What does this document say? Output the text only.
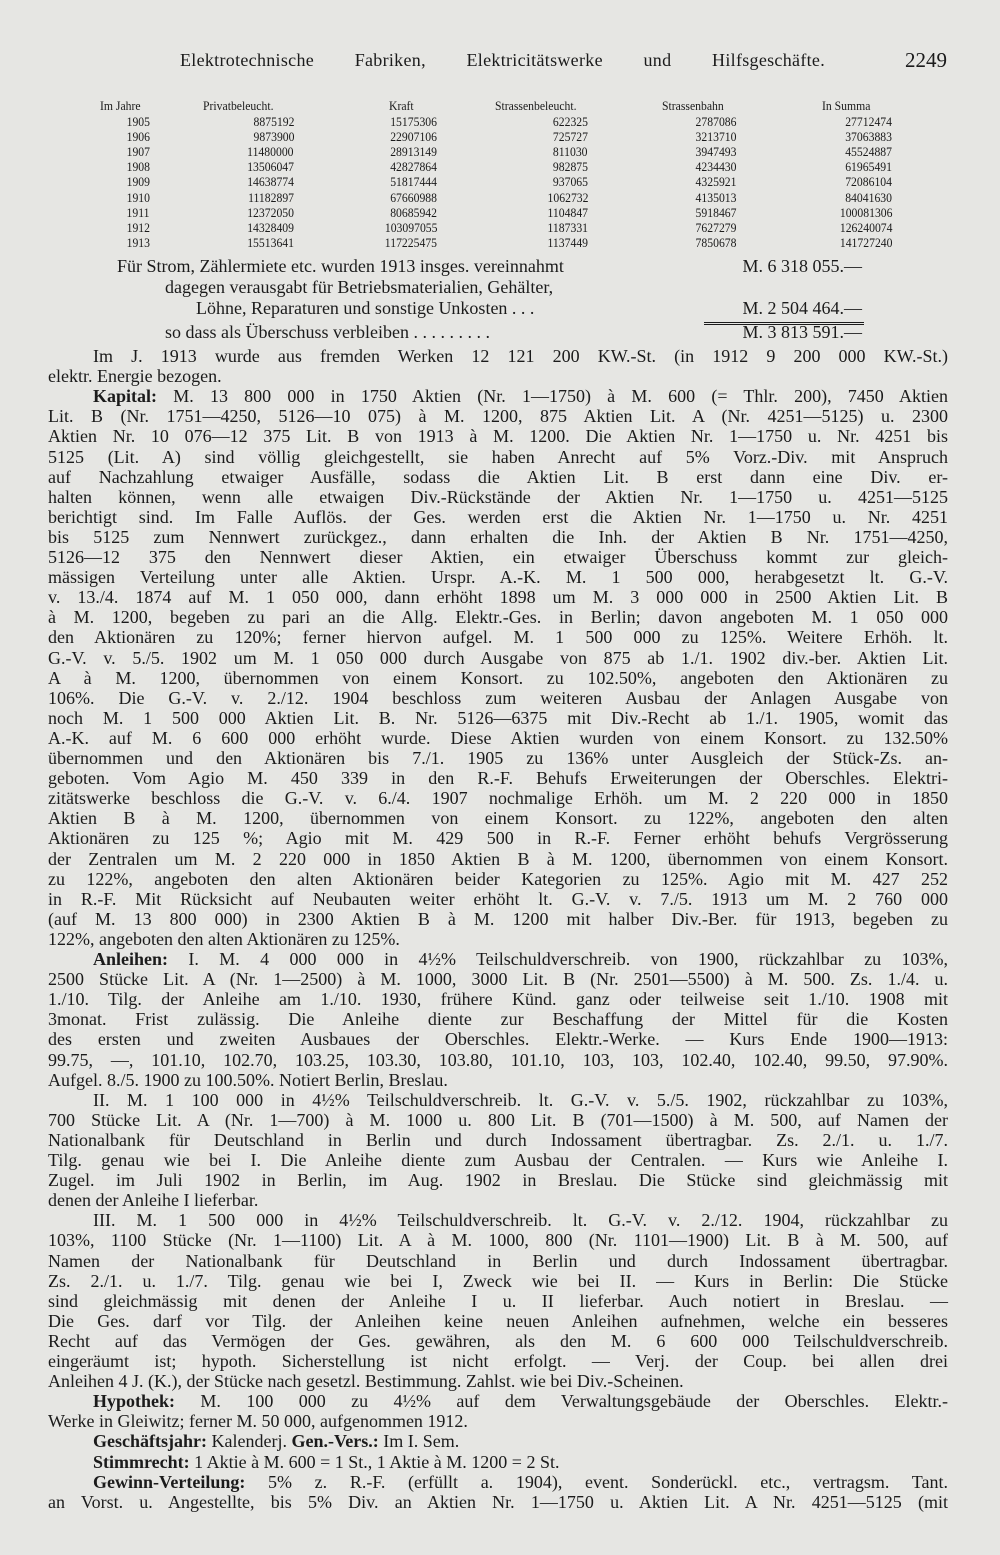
Elektrotechnische Fabriken, Elektricitätswerke und Hilfsgeschäfte.	2249
Im Jahre	Privatbeleucht.	Kraft	Strassenbeleucht.	Strassenbahn	In Summa
1905	8875192	15175306	622325	2787086	27712474
1906	9873900	22907106	725727	3213710	37063883
1907	11480000	28913149	811030	3947493	45524887
1908	13506047	42827864	982875	4234430	61965491
1909	14638774	51817444	937065	4325921	72086104
1910	11182897	67660988	1062732	4135013	84041630
1911	12372050	80685942	1104847	5918467	100081306
1912	14328409	103097055	1187331	7627279	126240074
1913	15513641	117225475	1137449	7850678	141727240
Für Strom, Zählermiete etc. wurden 1913 insges. vereinnahmt	M. 6 318 055.—
dagegen verausgabt für Betriebsmaterialien, Gehälter,
Löhne, Reparaturen und sonstige Unkosten . . .	M. 2 504 464.—
so dass als Überschuss verbleiben . . . . . . . . .	M. 3 813 591.—
Im J. 1913 wurde aus fremden Werken 12 121 200 KW.-St. (in 1912 9 200 000 KW.-St.)
elektr. Energie bezogen.
Kapital: M. 13 800 000 in 1750 Aktien (Nr. 1—1750) à M. 600 (= Thlr. 200), 7450 Aktien
Lit. B (Nr. 1751—4250, 5126—10 075) à M. 1200, 875 Aktien Lit. A (Nr. 4251—5125) u. 2300
Aktien Nr. 10 076—12 375 Lit. B von 1913 à M. 1200. Die Aktien Nr. 1—1750 u. Nr. 4251 bis
5125 (Lit. A) sind völlig gleichgestellt, sie haben Anrecht auf 5% Vorz.-Div. mit Anspruch
auf Nachzahlung etwaiger Ausfälle, sodass die Aktien Lit. B erst dann eine Div. er-
halten können, wenn alle etwaigen Div.-Rückstände der Aktien Nr. 1—1750 u. 4251—5125
berichtigt sind. Im Falle Auflös. der Ges. werden erst die Aktien Nr. 1—1750 u. Nr. 4251
bis 5125 zum Nennwert zurückgez., dann erhalten die Inh. der Aktien B Nr. 1751—4250,
5126—12 375 den Nennwert dieser Aktien, ein etwaiger Überschuss kommt zur gleich-
mässigen Verteilung unter alle Aktien. Urspr. A.-K. M. 1 500 000, herabgesetzt lt. G.-V.
v. 13./4. 1874 auf M. 1 050 000, dann erhöht 1898 um M. 3 000 000 in 2500 Aktien Lit. B
à M. 1200, begeben zu pari an die Allg. Elektr.-Ges. in Berlin; davon angeboten M. 1 050 000
den Aktionären zu 120%; ferner hiervon aufgel. M. 1 500 000 zu 125%. Weitere Erhöh. lt.
G.-V. v. 5./5. 1902 um M. 1 050 000 durch Ausgabe von 875 ab 1./1. 1902 div.-ber. Aktien Lit.
A à M. 1200, übernommen von einem Konsort. zu 102.50%, angeboten den Aktionären zu
106%. Die G.-V. v. 2./12. 1904 beschloss zum weiteren Ausbau der Anlagen Ausgabe von
noch M. 1 500 000 Aktien Lit. B. Nr. 5126—6375 mit Div.-Recht ab 1./1. 1905, womit das
A.-K. auf M. 6 600 000 erhöht wurde. Diese Aktien wurden von einem Konsort. zu 132.50%
übernommen und den Aktionären bis 7./1. 1905 zu 136% unter Ausgleich der Stück-Zs. an-
geboten. Vom Agio M. 450 339 in den R.-F. Behufs Erweiterungen der Oberschles. Elektri-
zitätswerke beschloss die G.-V. v. 6./4. 1907 nochmalige Erhöh. um M. 2 220 000 in 1850
Aktien B à M. 1200, übernommen von einem Konsort. zu 122%, angeboten den alten
Aktionären zu 125 %; Agio mit M. 429 500 in R.-F. Ferner erhöht behufs Vergrösserung
der Zentralen um M. 2 220 000 in 1850 Aktien B à M. 1200, übernommen von einem Konsort.
zu 122%, angeboten den alten Aktionären beider Kategorien zu 125%. Agio mit M. 427 252
in R.-F. Mit Rücksicht auf Neubauten weiter erhöht lt. G.-V. v. 7./5. 1913 um M. 2 760 000
(auf M. 13 800 000) in 2300 Aktien B à M. 1200 mit halber Div.-Ber. für 1913, begeben zu
122%, angeboten den alten Aktionären zu 125%.
Anleihen: I. M. 4 000 000 in 4½% Teilschuldverschreib. von 1900, rückzahlbar zu 103%,
2500 Stücke Lit. A (Nr. 1—2500) à M. 1000, 3000 Lit. B (Nr. 2501—5500) à M. 500. Zs. 1./4. u.
1./10. Tilg. der Anleihe am 1./10. 1930, frühere Künd. ganz oder teilweise seit 1./10. 1908 mit
3monat. Frist zulässig. Die Anleihe diente zur Beschaffung der Mittel für die Kosten
des ersten und zweiten Ausbaues der Oberschles. Elektr.-Werke. — Kurs Ende 1900—1913:
99.75, —, 101.10, 102.70, 103.25, 103.30, 103.80, 101.10, 103, 103, 102.40, 102.40, 99.50, 97.90%.
Aufgel. 8./5. 1900 zu 100.50%. Notiert Berlin, Breslau.
II. M. 1 100 000 in 4½% Teilschuldverschreib. lt. G.-V. v. 5./5. 1902, rückzahlbar zu 103%,
700 Stücke Lit. A (Nr. 1—700) à M. 1000 u. 800 Lit. B (701—1500) à M. 500, auf Namen der
Nationalbank für Deutschland in Berlin und durch Indossament übertragbar. Zs. 2./1. u. 1./7.
Tilg. genau wie bei I. Die Anleihe diente zum Ausbau der Centralen. — Kurs wie Anleihe I.
Zugel. im Juli 1902 in Berlin, im Aug. 1902 in Breslau. Die Stücke sind gleichmässig mit
denen der Anleihe I lieferbar.
III. M. 1 500 000 in 4½% Teilschuldverschreib. lt. G.-V. v. 2./12. 1904, rückzahlbar zu
103%, 1100 Stücke (Nr. 1—1100) Lit. A à M. 1000, 800 (Nr. 1101—1900) Lit. B à M. 500, auf
Namen der Nationalbank für Deutschland in Berlin und durch Indossament übertragbar.
Zs. 2./1. u. 1./7. Tilg. genau wie bei I, Zweck wie bei II. — Kurs in Berlin: Die Stücke
sind gleichmässig mit denen der Anleihe I u. II lieferbar. Auch notiert in Breslau. —
Die Ges. darf vor Tilg. der Anleihen keine neuen Anleihen aufnehmen, welche ein besseres
Recht auf das Vermögen der Ges. gewähren, als den M. 6 600 000 Teilschuldverschreib.
eingeräumt ist; hypoth. Sicherstellung ist nicht erfolgt. — Verj. der Coup. bei allen drei
Anleihen 4 J. (K.), der Stücke nach gesetzl. Bestimmung. Zahlst. wie bei Div.-Scheinen.
Hypothek: M. 100 000 zu 4½% auf dem Verwaltungsgebäude der Oberschles. Elektr.-
Werke in Gleiwitz; ferner M. 50 000, aufgenommen 1912.
Geschäftsjahr: Kalenderj. Gen.-Vers.: Im I. Sem.
Stimmrecht: 1 Aktie à M. 600 = 1 St., 1 Aktie à M. 1200 = 2 St.
Gewinn-Verteilung: 5% z. R.-F. (erfüllt a. 1904), event. Sonderückl. etc., vertragsm. Tant.
an Vorst. u. Angestellte, bis 5% Div. an Aktien Nr. 1—1750 u. Aktien Lit. A Nr. 4251—5125 (mit
